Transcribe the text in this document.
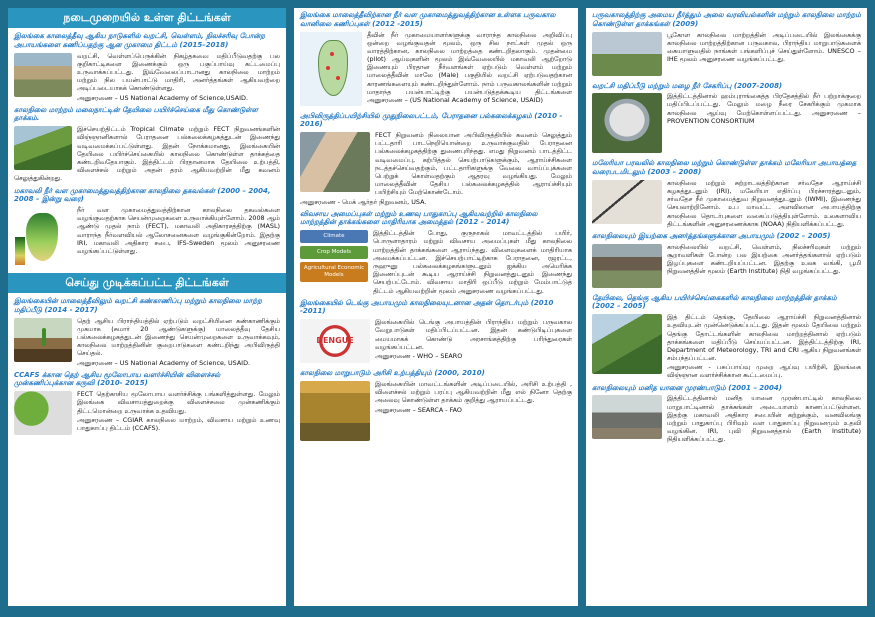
நடைமுறையில் உள்ள திட்டங்கள்
இலங்கை காலைத்தீவு ஆகிய நாடுகளில் வறட்சி, வெள்ளம், நிலச்சரிவு போன்ற அபாயங்களை கணிப்பதற்கு ஆன முகாமை திட்டம் (2015–2018)
வறட்சி, வெள்ளப்பெருக்கின் நிகழ்தகவை மதிப்பீடுவதற்கு பல குறிகாட்டிகளை இணைக்கும் ஒரு பகுப்பாய்வு கட்டமைப்பு உருவாக்கப்பட்டது. இவ்வேலைப்பாடானது காலநிலை மாற்றம் மற்றும் நில பயன்பாட்டு மாதிரி, அனர்த்தங்கள் ஆகியவற்றை அடிப்படையாகக் கொண்டுள்ளது.
அனுசரணை – US National Academy of Science,USAID.
காலநிலை மாற்றம் மலைநாட்டின் தேயிலை பயிர்ச்செய்கை மீது கொண்டுள்ள தாக்கம்.
இச்செயற்திட்டம் Tropical Climate மற்றும் FECT நிறுவனங்களின் விஞ்ஞானிகளால் பேராதனை பல்கலைக்கழகத்துடன் இணைந்து வடிவமைக்கப்பட்டுள்ளது. இதன் நோக்கமானது, இலங்கையின் தேயிலை பயிர்ச்செய்கையில் காலநிலை கொண்டுள்ள தாக்கத்தை கண்டறிவதேயாகும். இத்திட்டம் பிரதானமாக தேயிலை உற்பத்தி, விளைச்சல் மற்றும் அதன் தரம் ஆகியவற்றின் மீது கவனம் செலுத்துகின்றது.
மகாவலி நீர் வள முகாமைத்துவத்திற்கான காலநிலை தகவல்கள் (2000 – 2004, 2008 – இன்று வரை)
நீர் வள முகாமைத்துவத்திற்கான காலநிலை தகவல்களை வழங்குவதற்காக செயன்முறைகளை உருவாக்கியுள்ளோம். 2008 ஆம் ஆண்டு முதல் நாம் (FECT), மகாவலி அதிகாரசத்திற்கு (MASL) வாராந்த நீர்வளவியல் ஆலோசனைகளை வழங்குகின்றோம். இதற்கு IRI, மகாவலி அதிகார சபை, IFS-Sweden மூலம் அனுசரணை வழங்கப்பட்டுள்ளது.
செய்து முடிக்கப்பட்ட திட்டங்கள்
இலங்கையின் மாலைத்தீவிலும் வறட்சி கண்காணிப்பு மற்றும் காலநிலை மாற்ற மதிப்பீடு (2014 - 2017)
தெற் ஆசிய பிராந்தியத்தில் ஏற்படும் வறட்சியினை கண்காணிக்கும் முகமாக (சுமார் 20 ஆண்டுகளுக்கு) மாலைத்தீவு தேசிய பல்கலைக்கழகத்துடன் இணைந்து செயன்முறைகளை உருவாக்கவும், காலநிலை மாற்றத்தினின் குறைபாடுகளை கண்டறிந்து அபிவிருத்தி செய்தல்.
அனுசரணை – US National Academy of Science, USAID.
CCAFS க்கான தெற் ஆசிய மூலோபாய வளர்ச்சியின் விளைச்சல் முன்கணிப்புக்கான கருவி (2010- 2015)
FECT தெற்காசிய மூலோபாய வளர்ச்சிக்கு பங்களித்துள்ளது. மேலும் இலங்கை விவசாயத்துறைக்கு விளைச்சலை முன்கணிக்கும் திட்டமொன்றை உருவாக்க உதவியது.
அனுசரணை – CGIAR காலநிலை மாற்றம், விவசாய மற்றும் உணவு பாதுகாப்பு திட்டம் (CCAFS).
இலங்கை மாலைத்தீவிற்கான நீர் வள முகாமைத்துவத்திற்கான உள்ளக பருவகால வானிலை கணிப்புகள் (2012 -2015)
தீவின் நீர் முகாமையாளர்களுக்கு வாராந்த காலநிலை அறிவிப்பு ஒன்றை வழங்குவதன் மூலம், ஒரு சில நாட்கள் முதல் ஒரு வாரத்திற்கான, காலநிலை மாற்றத்தை கண்டறிதலாகும். முதன்மை (pilot) ஆய்வுகளின் மூலம் இவ்வேலையில் மகாவலி ஆற்றோடு இணையும் பிரதான நீர்வளங்கள் ஏற்படும் வெள்ளம் மற்றும் மாலைத்தீவின் மாலே (Male) பகுதியில் வறட்சி ஏற்படுவதற்கான காரணங்களையும் கண்டறிந்துள்ளோம். நாம் பருவகாலங்களின் மற்றும் மாதாந்த பயன்பாட்டிற்கு பயன்படுத்தக்கூடிய திட்டங்களை அனுசரணை – (US National Academy of Science, USAID)
அபிவிருத்திப்பயிற்சியில் முதுநிலைபட்டம், பேராதனை பல்கலைக்கழகம் (2010 - 2016)
FECT நிறுவனம் நிலையான அபிவிருத்தியில் கவனம் செலுத்தும் பட்டதாரி பாடநெறியொன்றை உருவாக்குவதில் பேராதனை பல்கலைக்கழகத்திற்கு துணைபுரிந்தது. எமது நிறுவனம் பாடத்திட்ட வடிவமைப்பு, கற்பித்தல் செயற்பாடுகளுக்கும், ஆராய்ச்சிகளை நடத்தச்செய்வதற்கும், பட்டதாரிகளுக்கு வேலை வாய்ப்புக்களை பெற்றுக் கொள்வதற்கும் ஆதரவு வழங்கியது. மேலும் மாலைத்தீவின் தேசிய பல்கலைக்கழகத்தில் ஆராய்ச்சியும் பயிற்சியும் மேற்கொண்டோம்.
அனுசரணை - மெக் ஆர்தர் நிறுவனம், USA.
விவசாய அமைப்புகள் மற்றும் உணவு பாதுகாப்பு ஆகியவற்றில் காலநிலை மாற்றத்தின் தாக்கங்களை மாதிரியாக அமைத்தல் (2012 – 2014)
Climate
Crop Models
Agricultural Economic Models
இத்திட்டத்தின் போது, குருநாகல் மாவட்டத்தில் பயிர், பொருளாதாரம் மற்றும் விவசாய அமைப்புகள் மீது காலநிலை மாற்றத்தின் தாக்கங்களை ஆராய்ந்தது. விளைவுகளைக் மாதிரியாக அமைக்கப்பட்டன. இச்செயற்பாட்டிற்காக பேராதனை, ரஜரட்ட, ருஹுனு பல்கலைக்கழகங்களுடனும் ஐக்கிய அமெரிக்க இணைப்புடன் கூடிய ஆராய்ச்சி நிறுவனத்துடனும் இணைந்து செயற்பட்டோம். விவசாய மாதிரி ஒப்பீடு மற்றும் மேம்பாட்டுத் திட்டம் ஆகியவற்றின் மூலம் அனுசரணை வழங்கப்பட்டது.
இலங்கையில் டெங்கு அபாயமும் காலநிலையுடனான அதன் தொடர்பும் (2010 -2011)
DENGUE
இலங்கையில் டெங்கு அபாயத்தின் பிராந்திய மற்றும் பருவகால வேறுபாடுகள் மதிப்பிடப்பட்டன. இதன் கண்டுபிடிப்புகளை மையமாகக் கொண்டு அரசாங்கத்திற்கு பரிந்துரைகள் வழங்கப்பட்டன.
அனுசரணை - WHO – SEARO
காலநிலை மாறுபாடும் அரிசி உற்பத்தியும் (2000, 2010)
இலங்கையின் மாவட்டங்களின் அடிப்படையில், அரிசி உற்பத்தி , விளைச்சல் மற்றும் பரப்பு ஆகியவற்றின் மீது எல் நினோ தெற்கு அலைவு கொண்டுள்ள தாக்கம் குறித்து ஆராயப்பட்டது.
அனுசரணை – SEARCA - FAO
பருவகாலத்திற்கு அமைய நீர்த்தும் அலை வரவியல்களின் மற்றும் காலநிலை மாற்றம் கொண்டுள்ள தாக்கங்கள் (2009)
பூகோள காலநிலை மாற்றத்தின் அடிப்படையில் இலங்கைக்கு காலநிலை மாற்றத்திற்கான பருவகால, பிராந்திய மாறுபாடுகளைக் கையாளுவதில் நாங்கள் பங்களிப்புச் செய்துள்ளோம். UNESCO – IHE மூலம் அனுசரணை வழங்கப்பட்டது.
வறட்சி மதிப்பீடு மற்றும் மழை நீர் சேகரிப்பு (2007-2008)
இத்திட்டத்தினால் ஹம்புராங்கைத்த பிரதேசத்தில் நீர் பற்றாக்குறை மதிப்பிடப்பட்டது. மேலும் மழை நீரை சேகரிக்கும் முகமாக காலநிலை ஆய்வு மேற்கொள்ளப்பட்டது. அனுசரணை – PROVENTION CONSORTIUM
மலேரியா பரவலில் காலநிலை மற்றும் கொண்டுள்ள தாக்கம் மலேரியா அபாயத்தை வரைபடமிடலும் (2003 – 2008)
காலநிலை மற்றும் சுற்றாடலத்திற்கான சர்வதேச ஆராய்ச்சி கழகத்துடனும் (IRI), மலேரியா எதிர்ப்பு பிரச்சாரத்துடனும், சர்வதேச நீர் முகாமைத்துவ நிறுவனத்துடனும் (IWMI), இணைந்து செயலாற்றினோம். உப மாவட்ட அளவிலான அபாயத்திற்கு காலநிலை தொடர்புகளை வகைப்படுத்தியுள்ளோம். உலகளாவிய திட்டங்களின் அனுசரணைக்காக (NOAA) நிதியளிக்கப்பட்டது.
காலநிலையும் இயற்கை அனர்த்தங்களுக்கான அபாயமும் (2002 – 2005)
காலநிலையில் வறட்சி, வெள்ளம், நிலச்சரிவுகள் மற்றும் சூறாவளிகள் போன்ற பல இயற்கை அனர்த்தங்களால் ஏற்படும் இழப்புகளை கண்டறியப்பட்டன. இதற்கு உலக வங்கி, பூமி நிறுவனத்தின் மூலம் (Earth Institute) நிதி வழங்கப்பட்டது.
தேயிலை, தெங்கு ஆகிய பயிர்ச்செய்கைகளில் காலநிலை மாற்றத்தின் தாக்கம் (2002 – 2005)
இத் திட்டம் தெங்கு, தேயிலை ஆராய்ச்சி நிறுவனத்தினால் உதவியுடன் முன்னெடுக்கப்பட்டது. இதன் மூலம் தேயிலை மற்றும் தெங்கு தோட்டங்களின் காலநிலை மாற்றத்தினால் ஏற்படும் தாக்கங்களை மதிப்பீடு செய்யப்பட்டன. இத்திட்டத்திற்கு IRI, Department of Meteorology, TRI and CRI ஆகிய நிறுவனங்கள் சம்பந்தப்பட்டன.
அனுசரணை - பசுப்பாய்வு முறை ஆய்வு பயிற்சி, இலங்கை விஞ்ஞான வளர்ச்சிக்கான கூட்டமைப்பு.
காலநிலையும் மனித யானை முரண்பாடும் (2001 – 2004)
இத்திட்டத்தினால் மனித யானை முரண்பாட்டில் காலநிலை மாறுபாட்டினால் தாக்கங்கள் அடையாளம் காணப்பட்டுள்ளன. இதற்கு மகாவலி அதிகார சபையின் கற்றுக்கும், வனவிலங்கு மற்றும் பாதுகாப்பு பிரிவும் வள பாதுகாப்பு நிறுவனமும் உதவி வழங்கின. IRI, புவி நிறுவனத்தால் (Earth Institute) நிதியளிக்கப்பட்டது.
